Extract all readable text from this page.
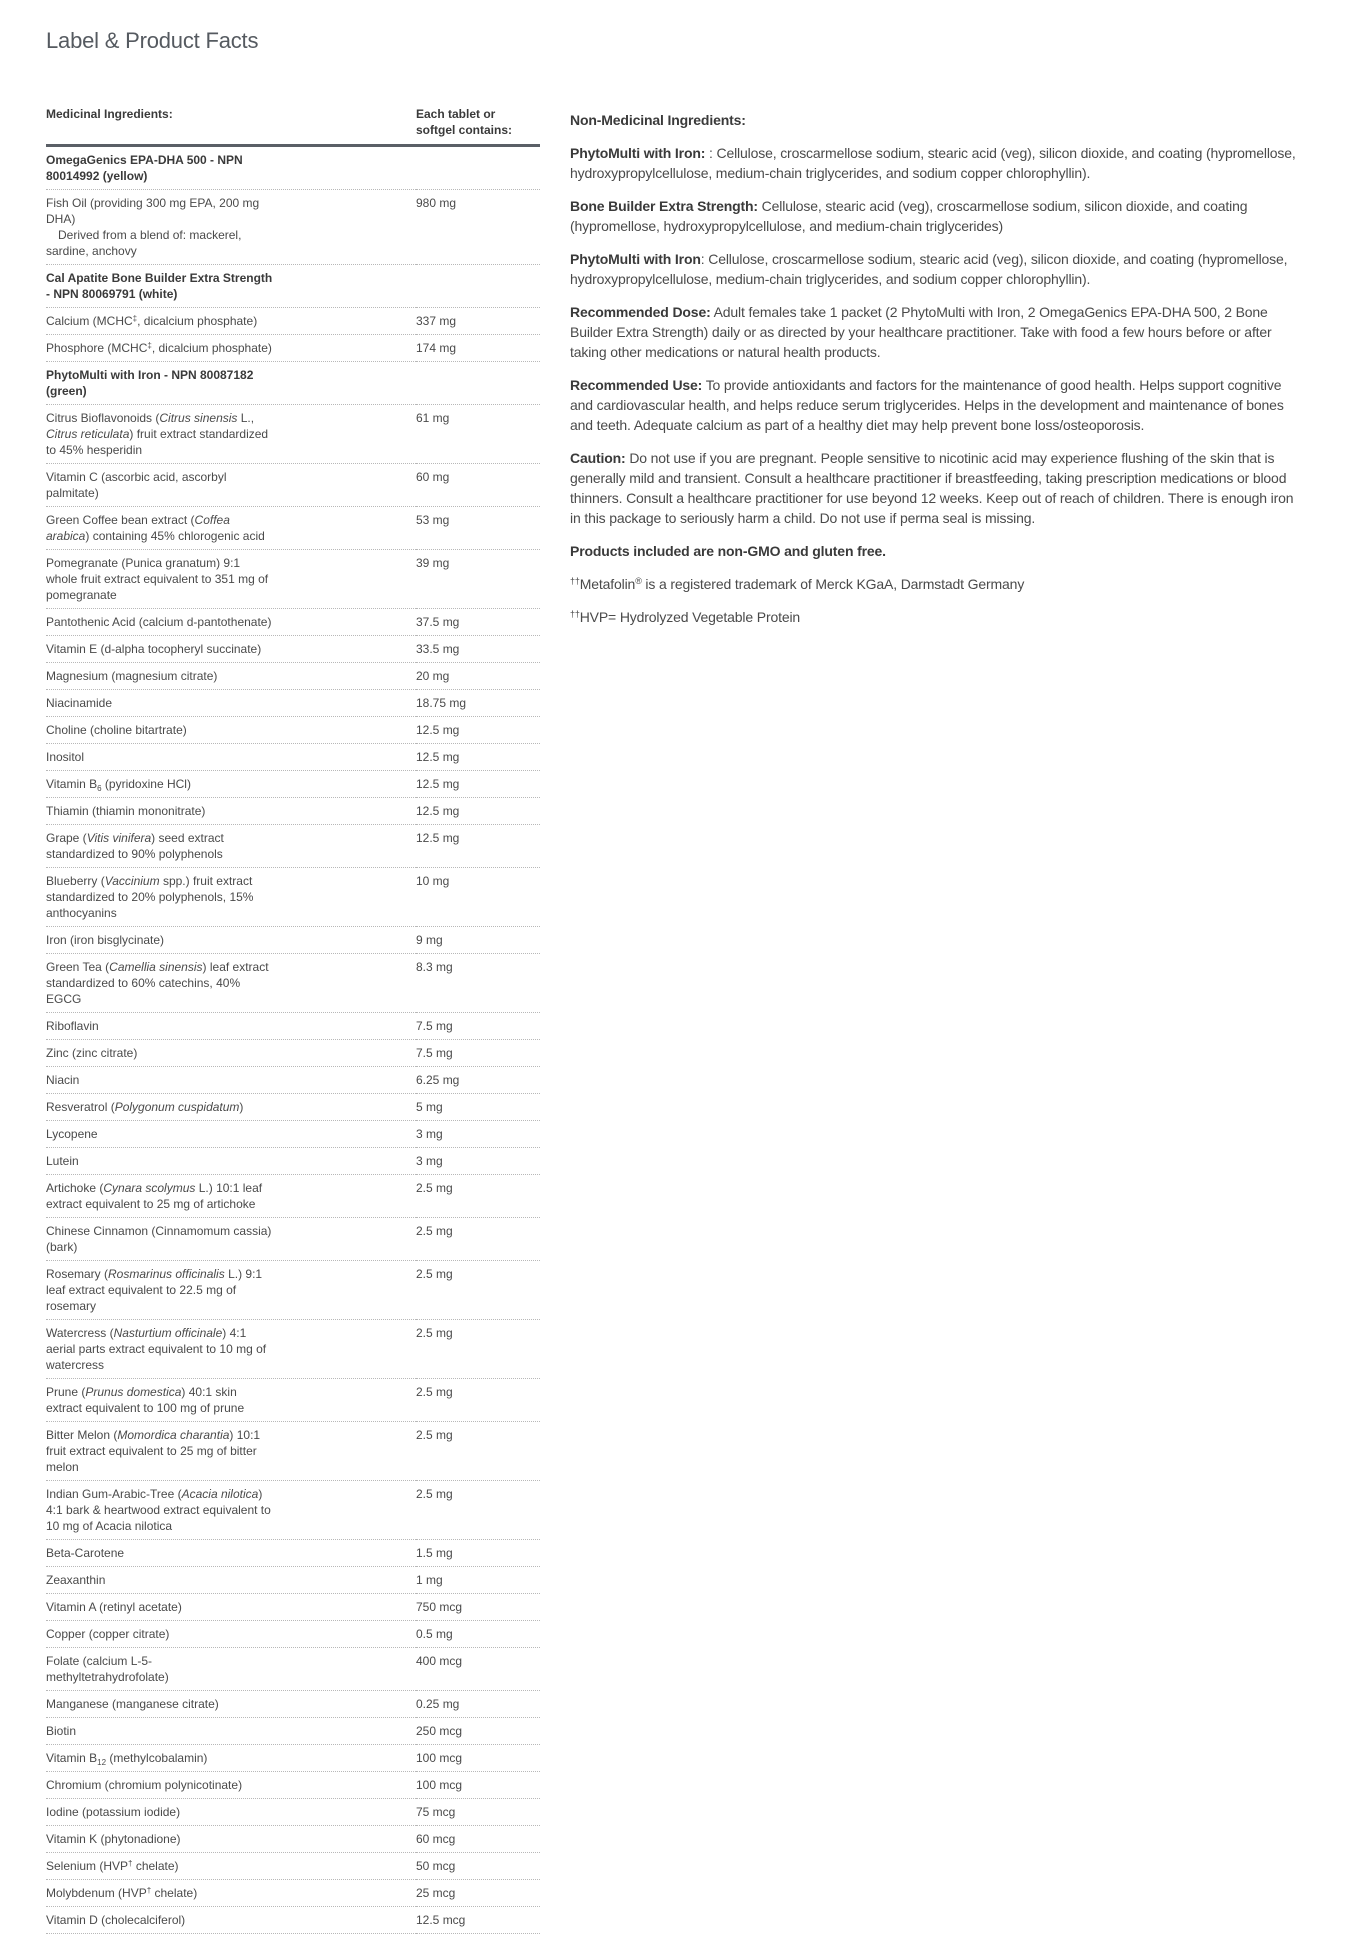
Label & Product Facts
Medicinal Ingredients:	Each tablet or softgel contains:

OmegaGenics EPA-DHA 500 - NPN 80014992 (yellow)	

Fish Oil (providing 300 mg EPA, 200 mg DHA)
Derived from a blend of: mackerel, sardine, anchovy	980 mg

Cal Apatite Bone Builder Extra Strength - NPN 80069791 (white)	

Calcium (MCHC‡, dicalcium phosphate)	337 mg

Phosphore (MCHC‡, dicalcium phosphate)	174 mg

PhytoMulti with Iron - NPN 80087182 (green)	

Citrus Bioflavonoids (Citrus sinensis L., Citrus reticulata) fruit extract standardized to 45% hesperidin	61 mg

Vitamin C (ascorbic acid, ascorbyl palmitate)	60 mg

Green Coffee bean extract (Coffea arabica) containing 45% chlorogenic acid	53 mg

Pomegranate (Punica granatum) 9:1 whole fruit extract equivalent to 351 mg of pomegranate	39 mg

Pantothenic Acid (calcium d-pantothenate)	37.5 mg

Vitamin E (d-alpha tocopheryl succinate)	33.5 mg

Magnesium (magnesium citrate)	20 mg

Niacinamide	18.75 mg

Choline (choline bitartrate)	12.5 mg

Inositol	12.5 mg

Vitamin $B_6$ (pyridoxine HCl)	12.5 mg

Thiamin (thiamin mononitrate)	12.5 mg

Grape (Vitis vinifera) seed extract standardized to 90% polyphenols	12.5 mg

Blueberry (Vaccinium spp.) fruit extract standardized to 20% polyphenols, 15% anthocyanins	10 mg

Iron (iron bisglycinate)	9 mg

Green Tea (Camellia sinensis) leaf extract standardized to 60% catechins, 40% EGCG	8.3 mg

Riboflavin	7.5 mg

Zinc (zinc citrate)	7.5 mg

Niacin	6.25 mg

Resveratrol (Polygonum cuspidatum)	5 mg

Lycopene	3 mg

Lutein	3 mg

Artichoke (Cynara scolymus L.) 10:1 leaf extract equivalent to 25 mg of artichoke	2.5 mg

Chinese Cinnamon (Cinnamomum cassia) (bark)	2.5 mg

Rosemary (Rosmarinus officinalis L.) 9:1 leaf extract equivalent to 22.5 mg of rosemary	2.5 mg

Watercress (Nasturtium officinale) 4:1 aerial parts extract equivalent to 10 mg of watercress	2.5 mg

Prune (Prunus domestica) 40:1 skin extract equivalent to 100 mg of prune	2.5 mg

Bitter Melon (Momordica charantia) 10:1 fruit extract equivalent to 25 mg of bitter melon	2.5 mg

Indian Gum-Arabic-Tree (Acacia nilotica) 4:1 bark & heartwood extract equivalent to 10 mg of Acacia nilotica	2.5 mg

Beta-Carotene	1.5 mg

Zeaxanthin	1 mg

Vitamin A (retinyl acetate)	750 mcg

Copper (copper citrate)	0.5 mg

Folate (calcium L-5-methyltetrahydrofolate)	400 mcg

Manganese (manganese citrate)	0.25 mg

Biotin	250 mcg

Vitamin $B_{12}$ (methylcobalamin)	100 mcg

Chromium (chromium polynicotinate)	100 mcg

Iodine (potassium iodide)	75 mcg

Vitamin K (phytonadione)	60 mcg

Selenium (HVP† chelate)	50 mcg

Molybdenum (HVP† chelate)	25 mcg

Vitamin D (cholecalciferol)	12.5 mcg

Non-Medicinal Ingredients:

PhytoMulti with Iron: : Cellulose, croscarmellose sodium, stearic acid (veg), silicon dioxide, and coating (hypromellose, hydroxypropylcellulose, medium-chain triglycerides, and sodium copper chlorophyllin).

Bone Builder Extra Strength: Cellulose, stearic acid (veg), croscarmellose sodium, silicon dioxide, and coating (hypromellose, hydroxypropylcellulose, and medium-chain triglycerides)

PhytoMulti with Iron: Cellulose, croscarmellose sodium, stearic acid (veg), silicon dioxide, and coating (hypromellose, hydroxypropylcellulose, medium-chain triglycerides, and sodium copper chlorophyllin).

Recommended Dose: Adult females take 1 packet (2 PhytoMulti with Iron, 2 OmegaGenics EPA-DHA 500, 2 Bone Builder Extra Strength) daily or as directed by your healthcare practitioner. Take with food a few hours before or after taking other medications or natural health products.

Recommended Use: To provide antioxidants and factors for the maintenance of good health. Helps support cognitive and cardiovascular health, and helps reduce serum triglycerides. Helps in the development and maintenance of bones and teeth. Adequate calcium as part of a healthy diet may help prevent bone loss/osteoporosis.

Caution: Do not use if you are pregnant. People sensitive to nicotinic acid may experience flushing of the skin that is generally mild and transient. Consult a healthcare practitioner if breastfeeding, taking prescription medications or blood thinners. Consult a healthcare practitioner for use beyond 12 weeks. Keep out of reach of children. There is enough iron in this package to seriously harm a child. Do not use if perma seal is missing.

Products included are non-GMO and gluten free.

††Metafolin® is a registered trademark of Merck KGaA, Darmstadt Germany

††HVP= Hydrolyzed Vegetable Protein
